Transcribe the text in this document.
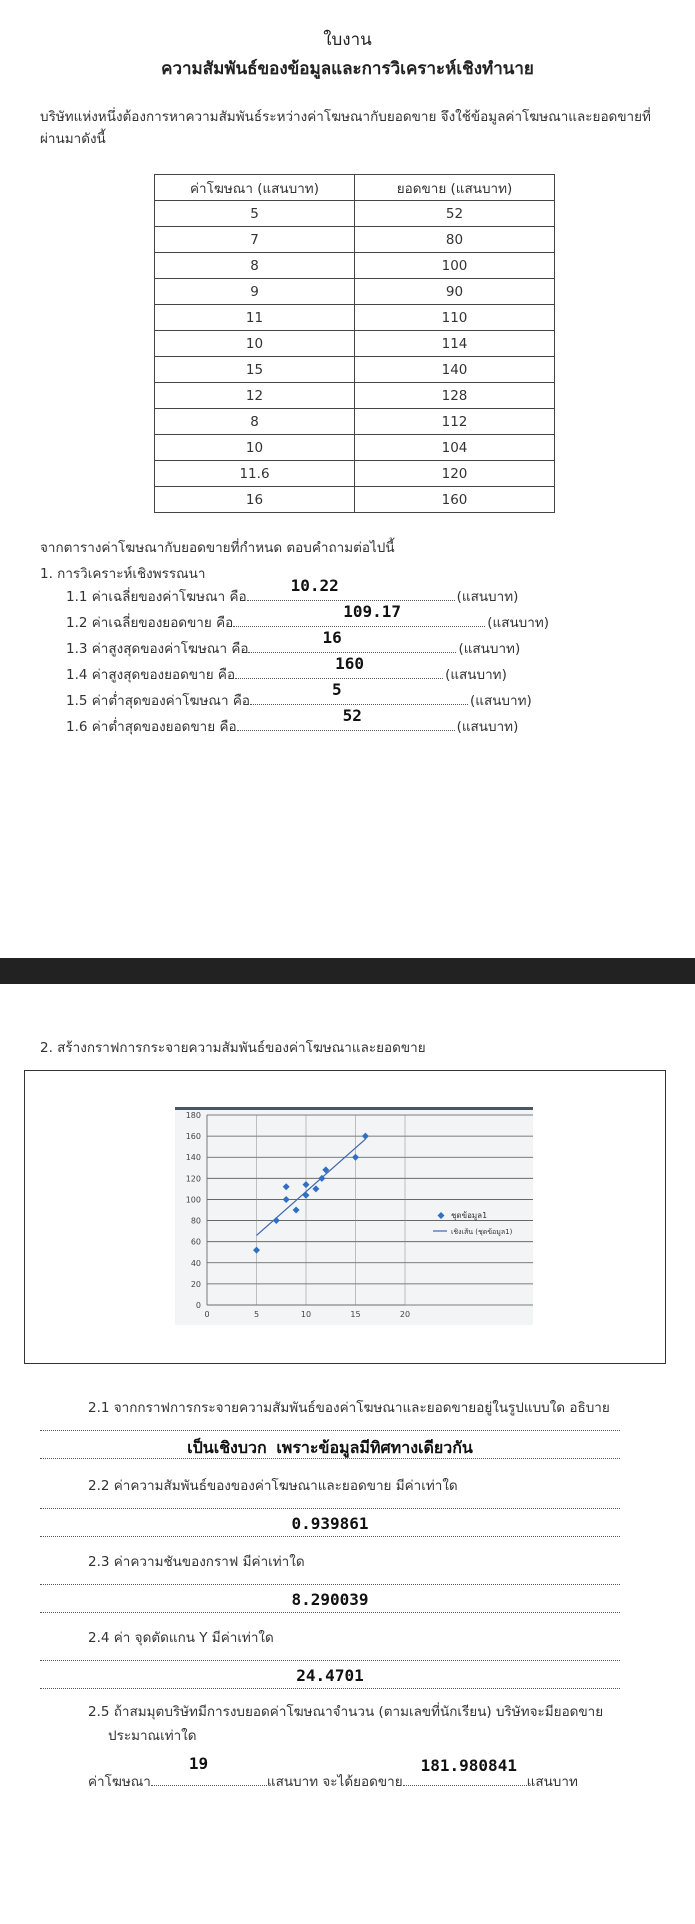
ใบงาน
ความสัมพันธ์ของข้อมูลและการวิเคราะห์เชิงทำนาย
บริษัทแห่งหนึ่งต้องการหาความสัมพันธ์ระหว่างค่าโฆษณากับยอดขาย จึงใช้ข้อมูลค่าโฆษณาและยอดขายที่ผ่านมาดังนี้
ค่าโฆษณา (แสนบาท)	ยอดขาย (แสนบาท)
5	52
7	80
8	100
9	90
11	110
10	114
15	140
12	128
8	112
10	104
11.6	120
16	160
จากตารางค่าโฆษณากับยอดขายที่กำหนด ตอบคำถามต่อไปนี้
1. การวิเคราะห์เชิงพรรณนา
1.1 ค่าเฉลี่ยของค่าโฆษณา คือ
10.22
(แสนบาท)
1.2 ค่าเฉลี่ยของยอดขาย คือ
109.17
(แสนบาท)
1.3 ค่าสูงสุดของค่าโฆษณา คือ
16
(แสนบาท)
1.4 ค่าสูงสุดของยอดขาย คือ
160
(แสนบาท)
1.5 ค่าต่ำสุดของค่าโฆษณา คือ
5
(แสนบาท)
1.6 ค่าต่ำสุดของยอดขาย คือ
52
(แสนบาท)
2. สร้างกราฟการกระจายความสัมพันธ์ของค่าโฆษณาและยอดขาย
0
20
40
60
80
100
120
140
160
180
0	5	10	15	20
ชุดข้อมูล1
เชิงเส้น (ชุดข้อมูล1)
2.1 จากกราฟการกระจายความสัมพันธ์ของค่าโฆษณาและยอดขายอยู่ในรูปแบบใด อธิบาย
เป็นเชิงบวก เพราะข้อมูลมีทิศทางเดียวกัน
2.2 ค่าความสัมพันธ์ของของค่าโฆษณาและยอดขาย มีค่าเท่าใด
0.939861
2.3 ค่าความชันของกราฟ มีค่าเท่าใด
8.290039
2.4 ค่า จุดตัดแกน Y มีค่าเท่าใด
24.4701
2.5 ถ้าสมมุตบริษัทมีการงบยอดค่าโฆษณาจำนวน (ตามเลขที่นักเรียน) บริษัทจะมียอดขาย
ประมาณเท่าใด
ค่าโฆษณา
19
แสนบาท จะได้ยอดขาย
181.980841
แสนบาท
